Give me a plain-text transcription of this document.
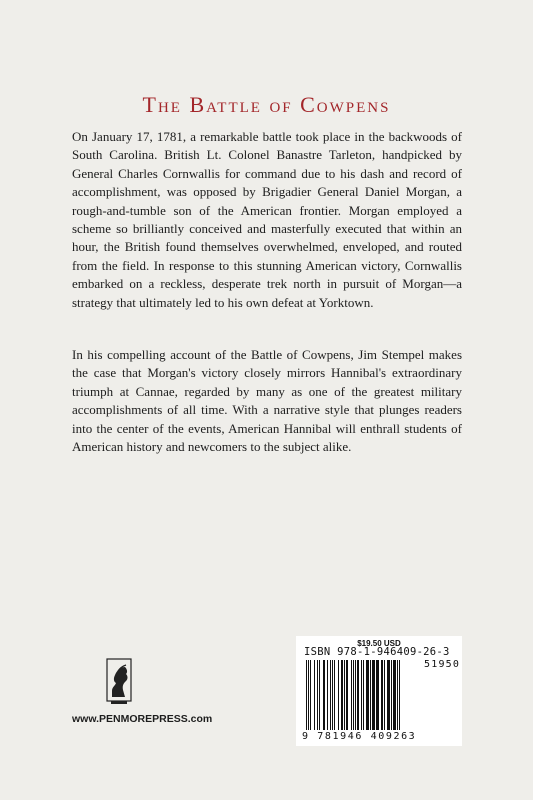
The Battle of Cowpens

On January 17, 1781, a remarkable battle took place in the backwoods of South Carolina. British Lt. Colonel Banastre Tarleton, handpicked by General Charles Cornwallis for command due to his dash and record of accomplishment, was opposed by Brigadier General Daniel Morgan, a rough-and-tumble son of the American frontier. Morgan employed a scheme so brilliantly conceived and masterfully executed that within an hour, the British found themselves overwhelmed, enveloped, and routed from the field. In response to this stunning American victory, Cornwallis embarked on a reckless, desperate trek north in pursuit of Morgan—a strategy that ultimately led to his own defeat at Yorktown.

In his compelling account of the Battle of Cowpens, Jim Stempel makes the case that Morgan's victory closely mirrors Hannibal's extraordinary triumph at Cannae, regarded by many as one of the greatest military accomplishments of all time. With a narrative style that plunges readers into the center of the events, American Hannibal will enthrall students of American history and newcomers to the subject alike.

www.PENMOREPRESS.com
$19.50 USD
ISBN 978-1-946409-26-3
51950
9 781946 409263
